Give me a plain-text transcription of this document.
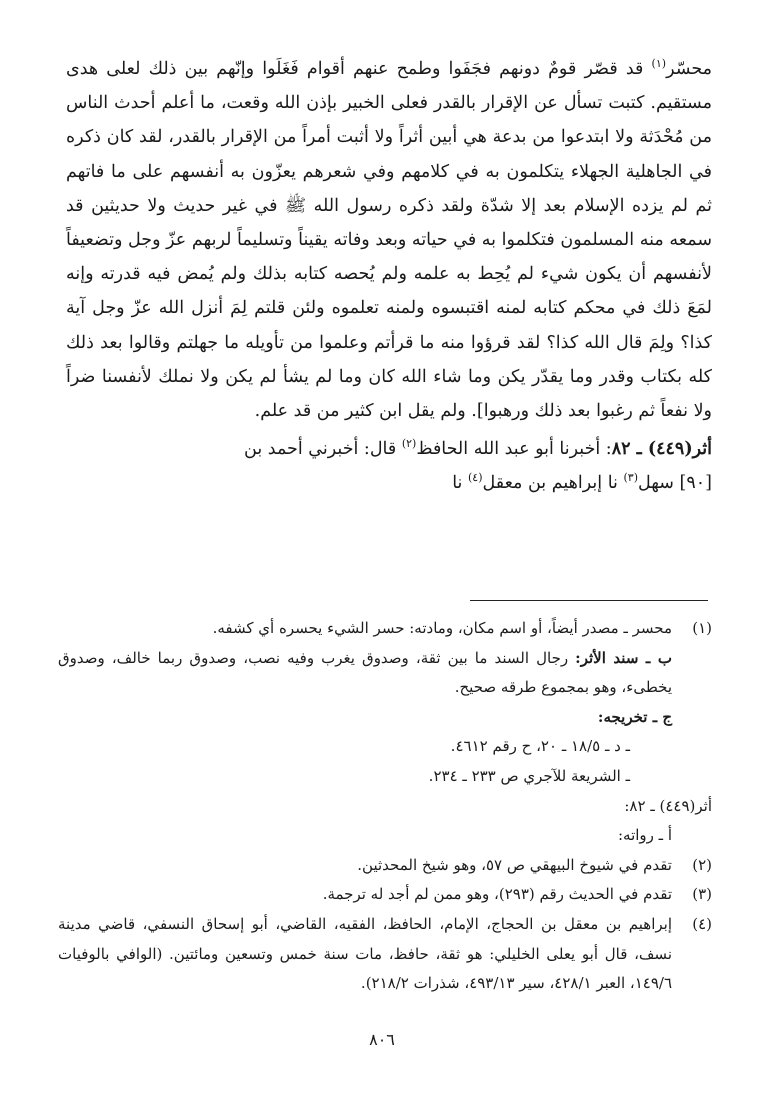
محسّر$^{(١)}$ قد قصّر قومٌ دونهم فجَفَوا وطمح عنهم أقوام فَغَلَوا وإنّهم بين ذلك لعلى هدى مستقيم. كتبت تسأل عن الإقرار بالقدر فعلى الخبير بإذن الله وقعت، ما أعلم أحدث الناس من مُحْدَثة ولا ابتدعوا من بدعة هي أبين أثراً ولا أثبت أمراً من الإقرار بالقدر، لقد كان ذكره في الجاهلية الجهلاء يتكلمون به في كلامهم وفي شعرهم يعزّون به أنفسهم على ما فاتهم ثم لم يزده الإسلام بعد إلا شدّة ولقد ذكره رسول الله ﷺ في غير حديث ولا حديثين قد سمعه منه المسلمون فتكلموا به في حياته وبعد وفاته يقيناً وتسليماً لربهم عزّ وجل وتضعيفاً لأنفسهم أن يكون شيء لم يُحِط به علمه ولم يُحصه كتابه بذلك ولم يُمض فيه قدرته وإنه لمَعَ ذلك في محكم كتابه لمنه اقتبسوه ولمنه تعلموه ولئن قلتم لِمَ أنزل الله عزّ وجل آية كذا؟ ولِمَ قال الله كذا؟ لقد قرؤوا منه ما قرأتم وعلموا من تأويله ما جهلتم وقالوا بعد ذلك كله بكتاب وقدر وما يقدّر يكن وما شاء الله كان وما لم يشأ لم يكن ولا نملك لأنفسنا ضراً ولا نفعاً ثم رغبوا بعد ذلك ورهبوا]. ولم يقل ابن كثير من قد علم.

أثر(٤٤٩) ـ ٨٢: أخبرنا أبو عبد الله الحافظ$^{(٢)}$ قال: أخبرني أحمد بن
[٩٠] سهل$^{(٣)}$ نا إبراهيم بن معقل$^{(٤)}$ نا

(١)
محسر ـ مصدر أيضاً، أو اسم مكان، ومادته: حسر الشيء يحسره أي كشفه.
ب ـ سند الأثر: رجال السند ما بين ثقة، وصدوق يغرب وفيه نصب، وصدوق ربما خالف، وصدوق يخطىء، وهو بمجموع طرقه صحيح.
ج ـ تخريجه:
ـ د ـ ١٨/٥ ـ ٢٠، ح رقم ٤٦١٢.
ـ الشريعة للآجري ص ٢٣٣ ـ ٢٣٤.
أثر(٤٤٩) ـ ٨٢:
أ ـ رواته:
(٢)
تقدم في شيوخ البيهقي ص ٥٧، وهو شيخ المحدثين.
(٣)
تقدم في الحديث رقم (٢٩٣)، وهو ممن لم أجد له ترجمة.
(٤)
إبراهيم بن معقل بن الحجاج، الإمام، الحافظ، الفقيه، القاضي، أبو إسحاق النسفي، قاضي مدينة نسف، قال أبو يعلى الخليلي: هو ثقة، حافظ، مات سنة خمس وتسعين ومائتين. (الوافي بالوفيات ١٤٩/٦، العبر ٤٢٨/١، سير ٤٩٣/١٣، شذرات ٢١٨/٢).
٨٠٦
